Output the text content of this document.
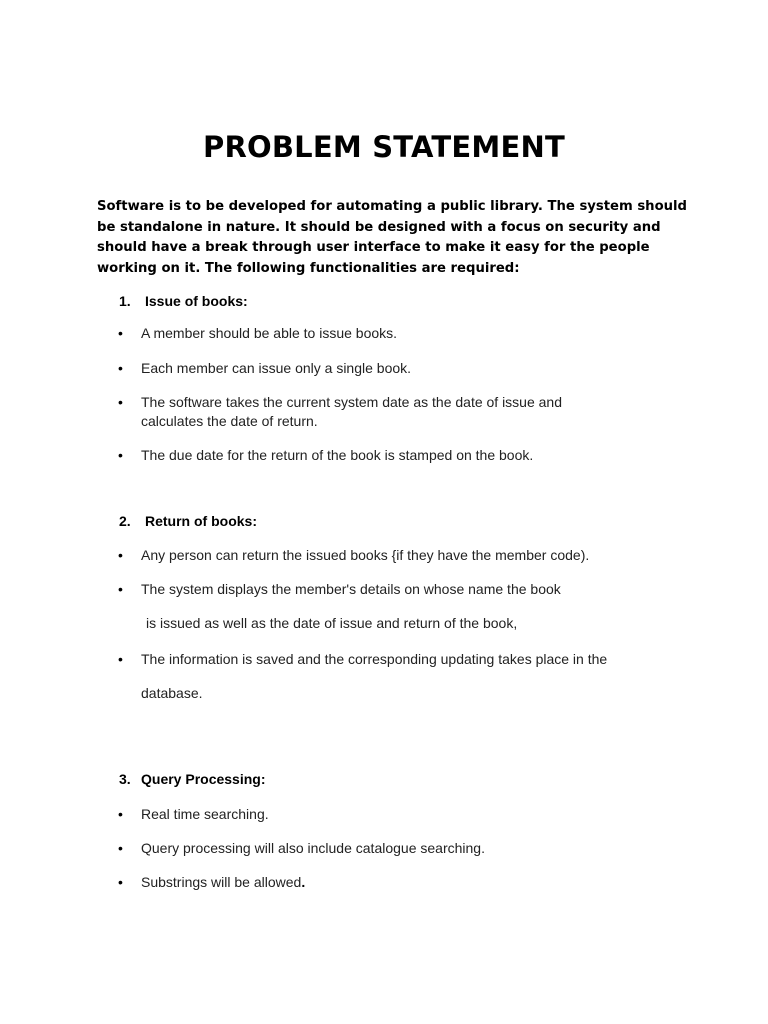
PROBLEM STATEMENT

Software is to be developed for automating a public library. The system should be standalone in nature. It should be designed with a focus on security and should have a break through user interface to make it easy for the people working on it. The following functionalities are required:

1. Issue of books:
•	A member should be able to issue books.
•	Each member can issue only a single book.
•	The software takes the current system date as the date of issue and calculates the date of return.
•	The due date for the return of the book is stamped on the book.
2. Return of books:
•	Any person can return the issued books {if they have the member code).
•	The system displays the member's details on whose name the book
is issued as well as the date of issue and return of the book,
•	The information is saved and the corresponding updating takes place in the
database.
3. Query Processing:
•	Real time searching.
•	Query processing will also include catalogue searching.
•	Substrings will be allowed.
